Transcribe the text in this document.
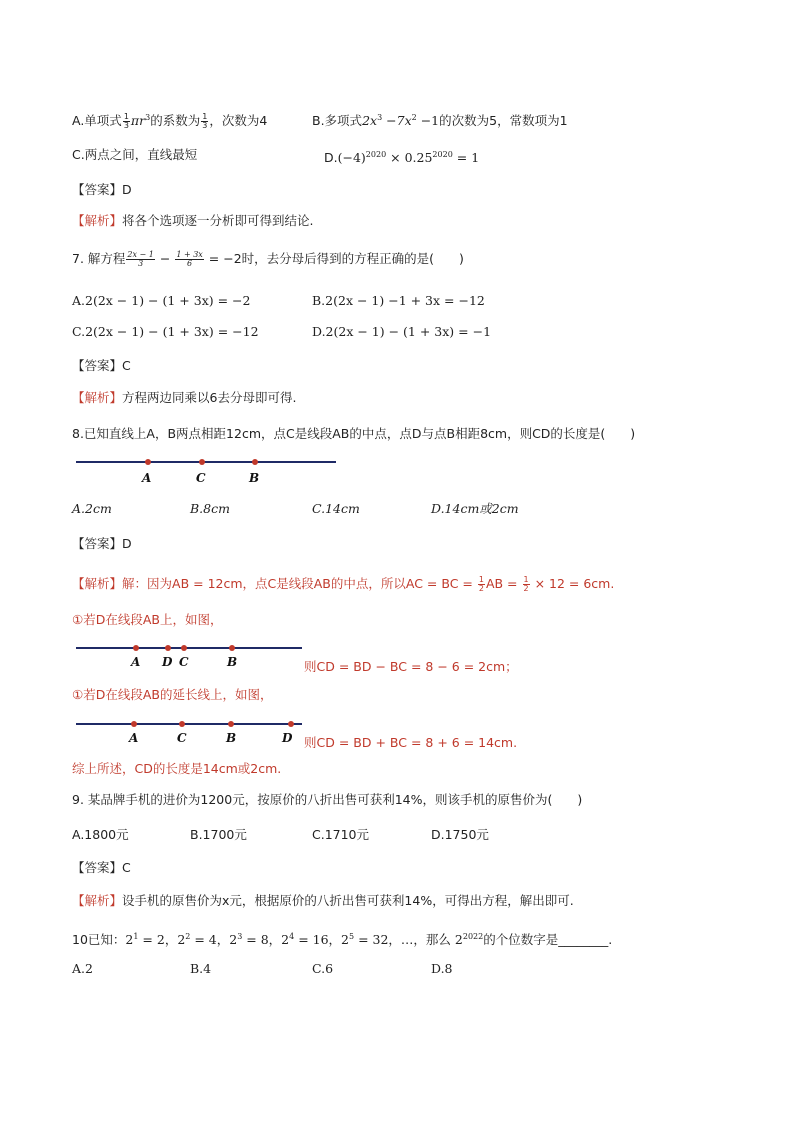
A.单项式 $\frac{1}{3} \pi r^3$的系数为 $\frac{1}{3}$ ，次数为4	B.多项式$2x^3 -7x^2 -1$的次数为5，常数项为1
C.两点之间，直线最短	$D.(-4)^{2020} \times 0.25^{2020} = 1$
【答案】D
【解析】将各个选项逐一分析即可得到结论.
7. 解方程 $\frac{2x - 1}{3} - \frac{1 + 3x}{6} = -2$时，去分母后得到的方程正确的是(　　)
A.2(2x − 1) − (1 + 3x) = −2	B.2(2x − 1) −1 + 3x = −12
C.2(2x − 1) − (1 + 3x) = −12	D.2(2x − 1) − (1 + 3x) = −1
【答案】C
【解析】方程两边同乘以6去分母即可得.
8.已知直线上A，B两点相距12cm，点C是线段AB的中点，点D与点B相距8cm，则CD的长度是(　　)
A	C	B
A.2cm	B.8cm	C.14cm	D.14cm或2cm
【答案】D
【解析】解：因为AB = 12cm，点C是线段AB的中点，所以AC = BC = $\frac{1}{2}$ AB = $\frac{1}{2} \times 12 = 6cm$.
①若D在线段AB上，如图，
A D C	B	则CD = BD − BC = 8 − 6 = 2cm；
①若D在线段AB的延长线上，如图，
A	C	B	D 则CD = BD + BC = 8 + 6 = 14cm.
综上所述，CD的长度是14cm或2cm.
9. 某品牌手机的进价为1200元，按原价的八折出售可获利14%，则该手机的原售价为(　　)
A.1800元	B.1700元	C.1710元	D.1750元
【答案】C
【解析】设手机的原售价为x元，根据原价的八折出售可获利14%，可得出方程，解出即可.
10已知：$2^1 = 2$，$2^2 = 4$，$2^3 = 8$，$2^4 = 16$，$2^5 = 32$，…，那么 $2^{2022}$的个位数字是________.
A.2	B.4	C.6	D.8
